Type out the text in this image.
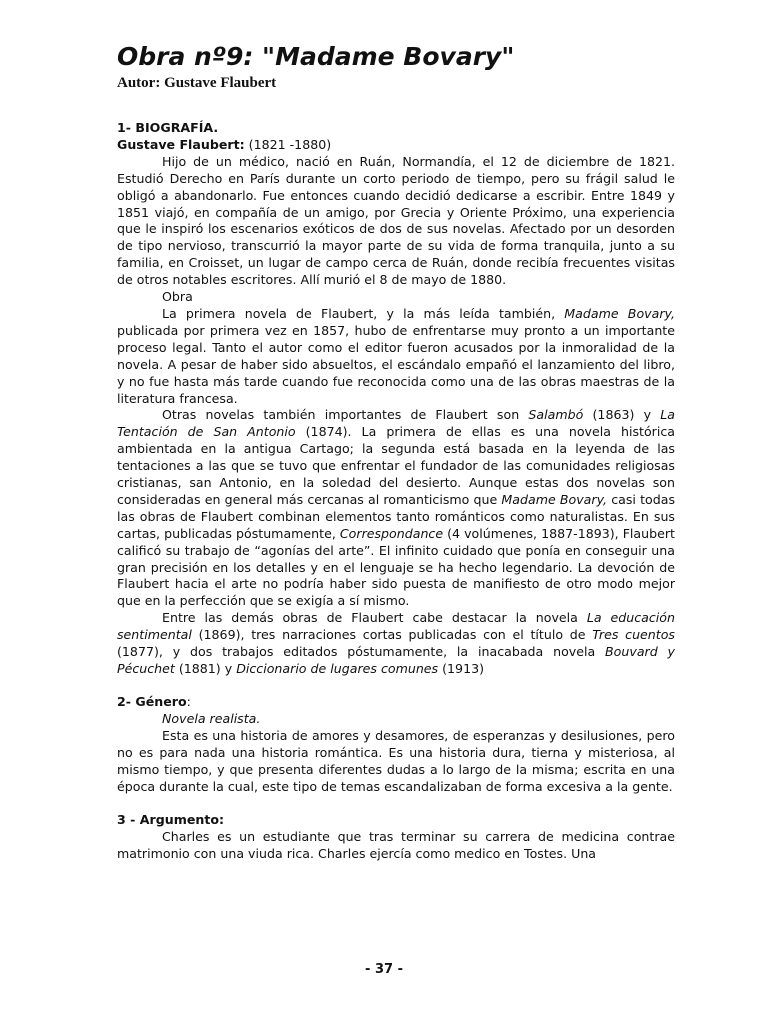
Obra nº9: "Madame Bovary"

Autor: Gustave Flaubert

1- BIOGRAFÍA.

Gustave Flaubert: (1821 -1880)

Hijo de un médico, nació en Ruán, Normandía, el 12 de diciembre de 1821. Estudió Derecho en París durante un corto periodo de tiempo, pero su frágil salud le obligó a abandonarlo. Fue entonces cuando decidió dedicarse a escribir. Entre 1849 y 1851 viajó, en compañía de un amigo, por Grecia y Oriente Próximo, una experiencia que le inspiró los escenarios exóticos de dos de sus novelas. Afectado por un desorden de tipo nervioso, transcurrió la mayor parte de su vida de forma tranquila, junto a su familia, en Croisset, un lugar de campo cerca de Ruán, donde recibía frecuentes visitas de otros notables escritores. Allí murió el 8 de mayo de 1880.

Obra

La primera novela de Flaubert, y la más leída también, Madame Bovary, publicada por primera vez en 1857, hubo de enfrentarse muy pronto a un importante proceso legal. Tanto el autor como el editor fueron acusados por la inmoralidad de la novela. A pesar de haber sido absueltos, el escándalo empañó el lanzamiento del libro, y no fue hasta más tarde cuando fue reconocida como una de las obras maestras de la literatura francesa.

Otras novelas también importantes de Flaubert son Salambó (1863) y La Tentación de San Antonio (1874). La primera de ellas es una novela histórica ambientada en la antigua Cartago; la segunda está basada en la leyenda de las tentaciones a las que se tuvo que enfrentar el fundador de las comunidades religiosas cristianas, san Antonio, en la soledad del desierto. Aunque estas dos novelas son consideradas en general más cercanas al romanticismo que Madame Bovary, casi todas las obras de Flaubert combinan elementos tanto románticos como naturalistas. En sus cartas, publicadas póstumamente, Correspondance (4 volúmenes, 1887-1893), Flaubert calificó su trabajo de “agonías del arte”. El infinito cuidado que ponía en conseguir una gran precisión en los detalles y en el lenguaje se ha hecho legendario. La devoción de Flaubert hacia el arte no podría haber sido puesta de manifiesto de otro modo mejor que en la perfección que se exigía a sí mismo.

Entre las demás obras de Flaubert cabe destacar la novela La educación sentimental (1869), tres narraciones cortas publicadas con el título de Tres cuentos (1877), y dos trabajos editados póstumamente, la inacabada novela Bouvard y Pécuchet (1881) y Diccionario de lugares comunes (1913)

2- Género:

Novela realista.

Esta es una historia de amores y desamores, de esperanzas y desilusiones, pero no es para nada una historia romántica. Es una historia dura, tierna y misteriosa, al mismo tiempo, y que presenta diferentes dudas a lo largo de la misma; escrita en una época durante la cual, este tipo de temas escandalizaban de forma excesiva a la gente.

3 - Argumento:

Charles es un estudiante que tras terminar su carrera de medicina contrae matrimonio con una viuda rica. Charles ejercía como medico en Tostes. Una

- 37 -
